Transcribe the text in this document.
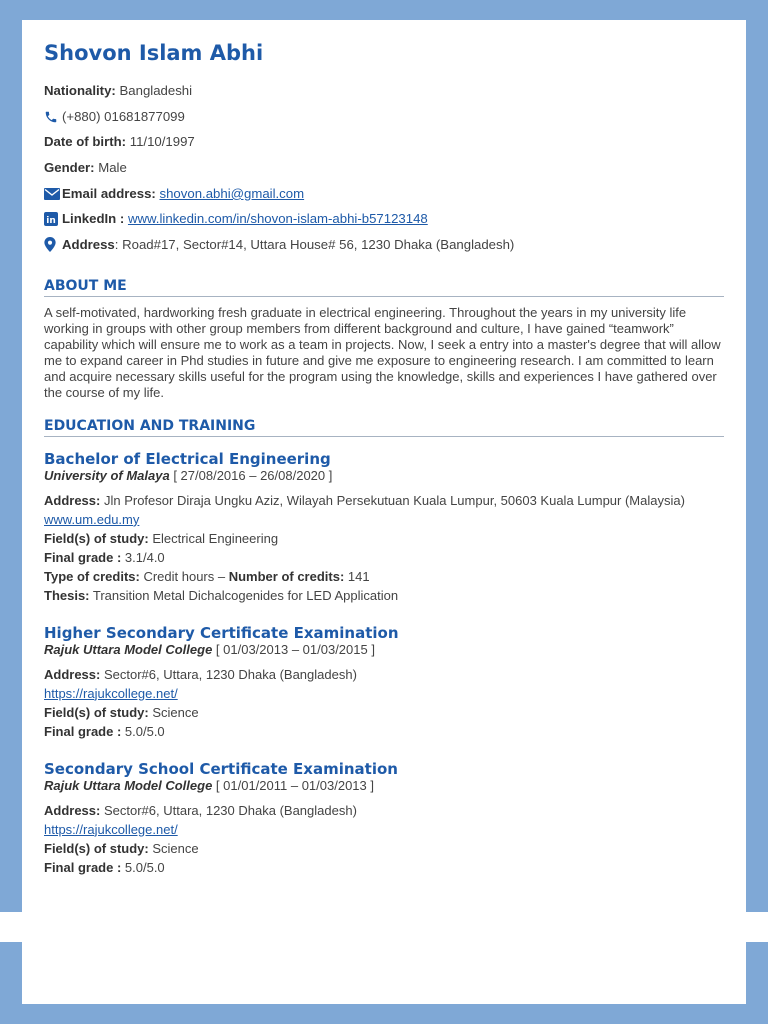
Shovon Islam Abhi
Nationality:
Bangladeshi
(+880) 01681877099
Date of birth:
11/10/1997
Gender:
Male
Email address:
shovon.abhi@gmail.com
in LinkedIn :
www.linkedin.com/in/shovon-islam-abhi-b57123148
Address : Road#17, Sector#14, Uttara House# 56, 1230 Dhaka (Bangladesh)
ABOUT ME

A self-motivated, hardworking fresh graduate in electrical engineering. Throughout the years in my university life working in groups with other group members from different background and culture, I have gained “teamwork” capability which will ensure me to work as a team in projects. Now, I seek a entry into a master's degree that will allow me to expand career in Phd studies in future and give me exposure to engineering research. I am committed to learn and acquire necessary skills useful for the program using the knowledge, skills and experiences I have gathered over the course of my life.

EDUCATION AND TRAINING
Bachelor of Electrical Engineering
University of Malaya [ 27/08/2016 – 26/08/2020 ]
Address: Jln Profesor Diraja Ungku Aziz, Wilayah Persekutuan Kuala Lumpur, 50603 Kuala Lumpur (Malaysia)
www.um.edu.my
Field(s) of study: Electrical Engineering
Final grade : 3.1/4.0
Type of credits: Credit hours – Number of credits: 141
Thesis: Transition Metal Dichalcogenides for LED Application
Higher Secondary Certificate Examination
Rajuk Uttara Model College [ 01/03/2013 – 01/03/2015 ]
Address: Sector#6, Uttara, 1230 Dhaka (Bangladesh)
https://rajukcollege.net/
Field(s) of study: Science
Final grade : 5.0/5.0
Secondary School Certificate Examination
Rajuk Uttara Model College [ 01/01/2011 – 01/03/2013 ]
Address: Sector#6, Uttara, 1230 Dhaka (Bangladesh)
https://rajukcollege.net/
Field(s) of study: Science
Final grade : 5.0/5.0
